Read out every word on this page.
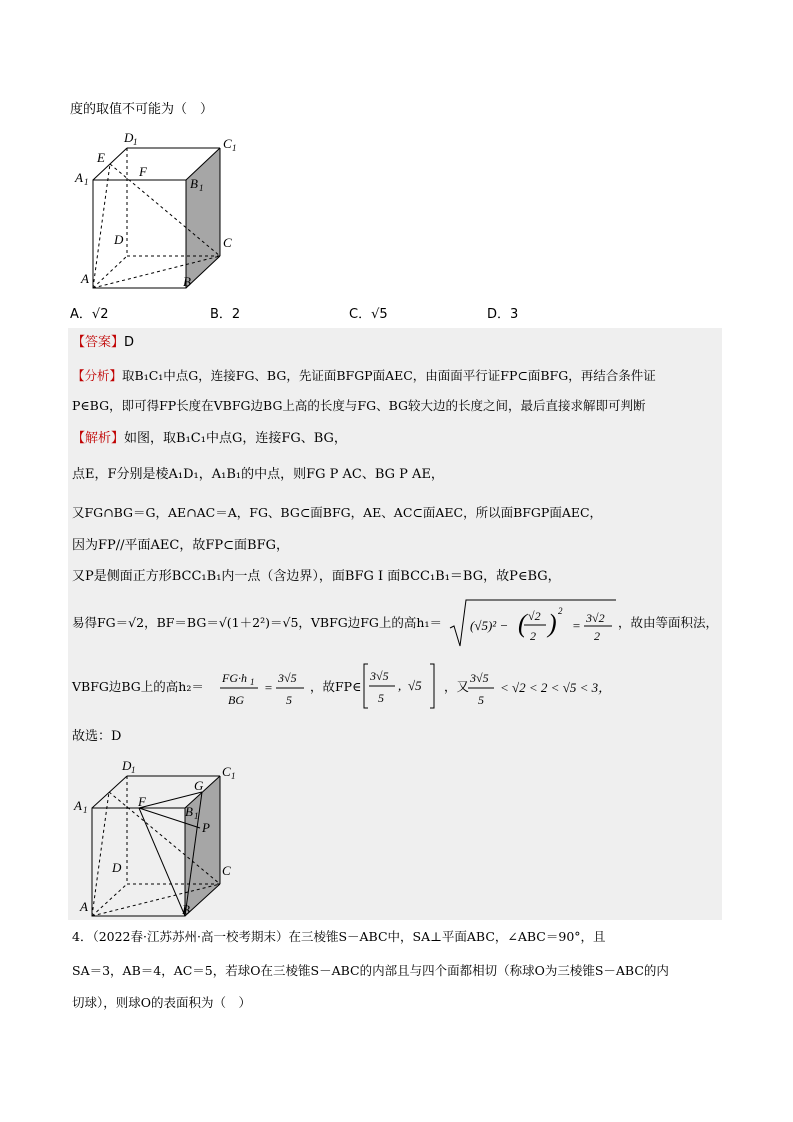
度的取值不可能为（　）
D 1	C 1
A 1	B 1
E
F
D	C
A	B
A．√2	B．2	C．√5	D．3
【答案】D
【分析】取B₁C₁中点G，连接FG、BG，先证面BFGP面AEC，由面面平行证FP⊂面BFG，再结合条件证
P∈BG，即可得FP长度在VBFG边BG上高的长度与FG、BG较大边的长度之间，最后直接求解即可判断
【解析】如图，取B₁C₁中点G，连接FG、BG，
点E，F分别是棱A₁D₁，A₁B₁的中点，则FG P AC、BG P AE，
又FG∩BG＝G，AE∩AC＝A，FG、BG⊂面BFG，AE、AC⊂面AEC，所以面BFGP面AEC，
因为FP//平面AEC，故FP⊂面BFG，
又P是侧面正方形BCC₁B₁内一点（含边界），面BFG I 面BCC₁B₁＝BG，故P∈BG，
易得FG＝√2，BF＝BG＝√(1＋2²)＝√5，VBFG边FG上的高h₁＝ (√5)² −
√2
2
( ) 2
= 3√2
2
，故由等面积法，
VBFG边BG上的高h₂＝
FG·h 1
BG
=
3√5
5
，故FP∈
3√5
5
, √5 ，又
3√5
5
< √2 < 2 < √5 < 3，
故选：D
D 1	C 1
A 1
G
F
B 1
P
D	C
A	B
4．（2022春·江苏苏州·高一校考期末）在三棱锥S－ABC中，SA⊥平面ABC，∠ABC＝90°，且
SA＝3，AB＝4，AC＝5，若球O在三棱锥S－ABC的内部且与四个面都相切（称球O为三棱锥S－ABC的内
切球），则球O的表面积为（　）
